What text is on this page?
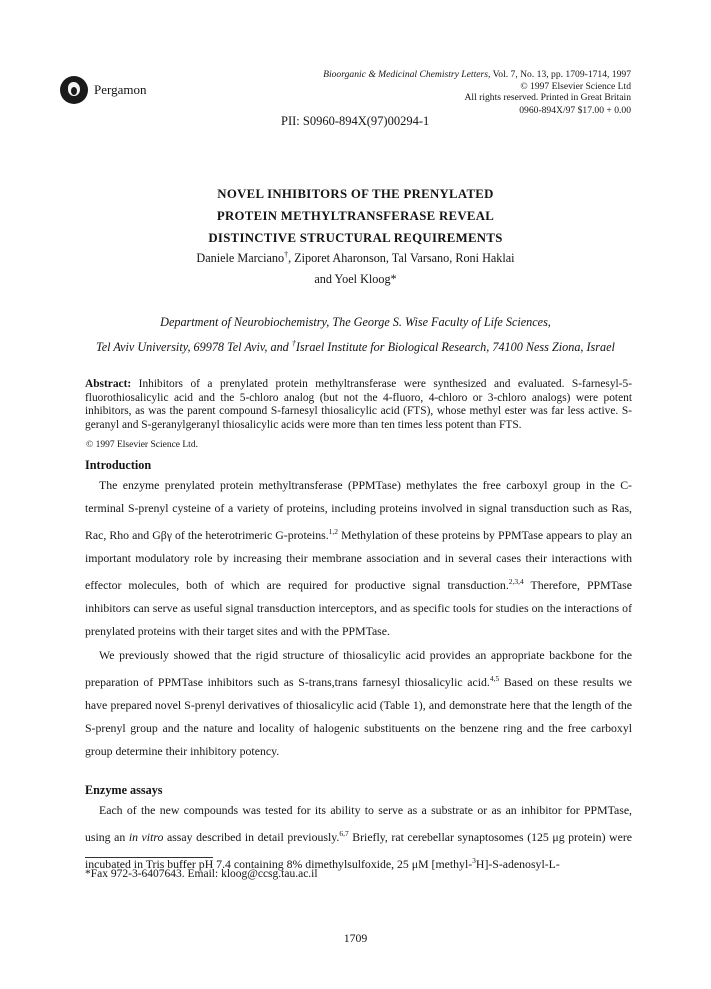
Pergamon
Bioorganic & Medicinal Chemistry Letters, Vol. 7, No. 13, pp. 1709-1714, 1997
© 1997 Elsevier Science Ltd
All rights reserved. Printed in Great Britain
0960-894X/97 $17.00 + 0.00
PII: S0960-894X(97)00294-1
NOVEL INHIBITORS OF THE PRENYLATED
PROTEIN METHYLTRANSFERASE REVEAL
DISTINCTIVE STRUCTURAL REQUIREMENTS
Daniele Marciano†, Ziporet Aharonson, Tal Varsano, Roni Haklai
and Yoel Kloog*
Department of Neurobiochemistry, The George S. Wise Faculty of Life Sciences,
Tel Aviv University, 69978 Tel Aviv, and †Israel Institute for Biological Research, 74100 Ness Ziona, Israel
Abstract: Inhibitors of a prenylated protein methyltransferase were synthesized and evaluated. S-farnesyl-5-fluorothiosalicylic acid and the 5-chloro analog (but not the 4-fluoro, 4-chloro or 3-chloro analogs) were potent inhibitors, as was the parent compound S-farnesyl thiosalicylic acid (FTS), whose methyl ester was far less active. S-geranyl and S-geranylgeranyl thiosalicylic acids were more than ten times less potent than FTS.
© 1997 Elsevier Science Ltd.
Introduction

The enzyme prenylated protein methyltransferase (PPMTase) methylates the free carboxyl group in the C-terminal S-prenyl cysteine of a variety of proteins, including proteins involved in signal transduction such as Ras, Rac, Rho and Gβγ of the heterotrimeric G-proteins.$^{1,2}$ Methylation of these proteins by PPMTase appears to play an important modulatory role by increasing their membrane association and in several cases their interactions with effector molecules, both of which are required for productive signal transduction.$^{2,3,4}$ Therefore, PPMTase inhibitors can serve as useful signal transduction interceptors, and as specific tools for studies on the interactions of prenylated proteins with their target sites and with the PPMTase.

We previously showed that the rigid structure of thiosalicylic acid provides an appropriate backbone for the preparation of PPMTase inhibitors such as S-trans,trans farnesyl thiosalicylic acid.$^{4,5}$ Based on these results we have prepared novel S-prenyl derivatives of thiosalicylic acid (Table 1), and demonstrate here that the length of the S-prenyl group and the nature and locality of halogenic substituents on the benzene ring and the free carboxyl group determine their inhibitory potency.

Enzyme assays

Each of the new compounds was tested for its ability to serve as a substrate or as an inhibitor for PPMTase, using an in vitro assay described in detail previously.$^{6,7}$ Briefly, rat cerebellar synaptosomes (125 μg protein) were incubated in Tris buffer pH 7.4 containing 8% dimethylsulfoxide, 25 μM [methyl-$^3$H]-S-adenosyl-L-

*Fax 972-3-6407643. Email: kloog@ccsg.tau.ac.il
1709
